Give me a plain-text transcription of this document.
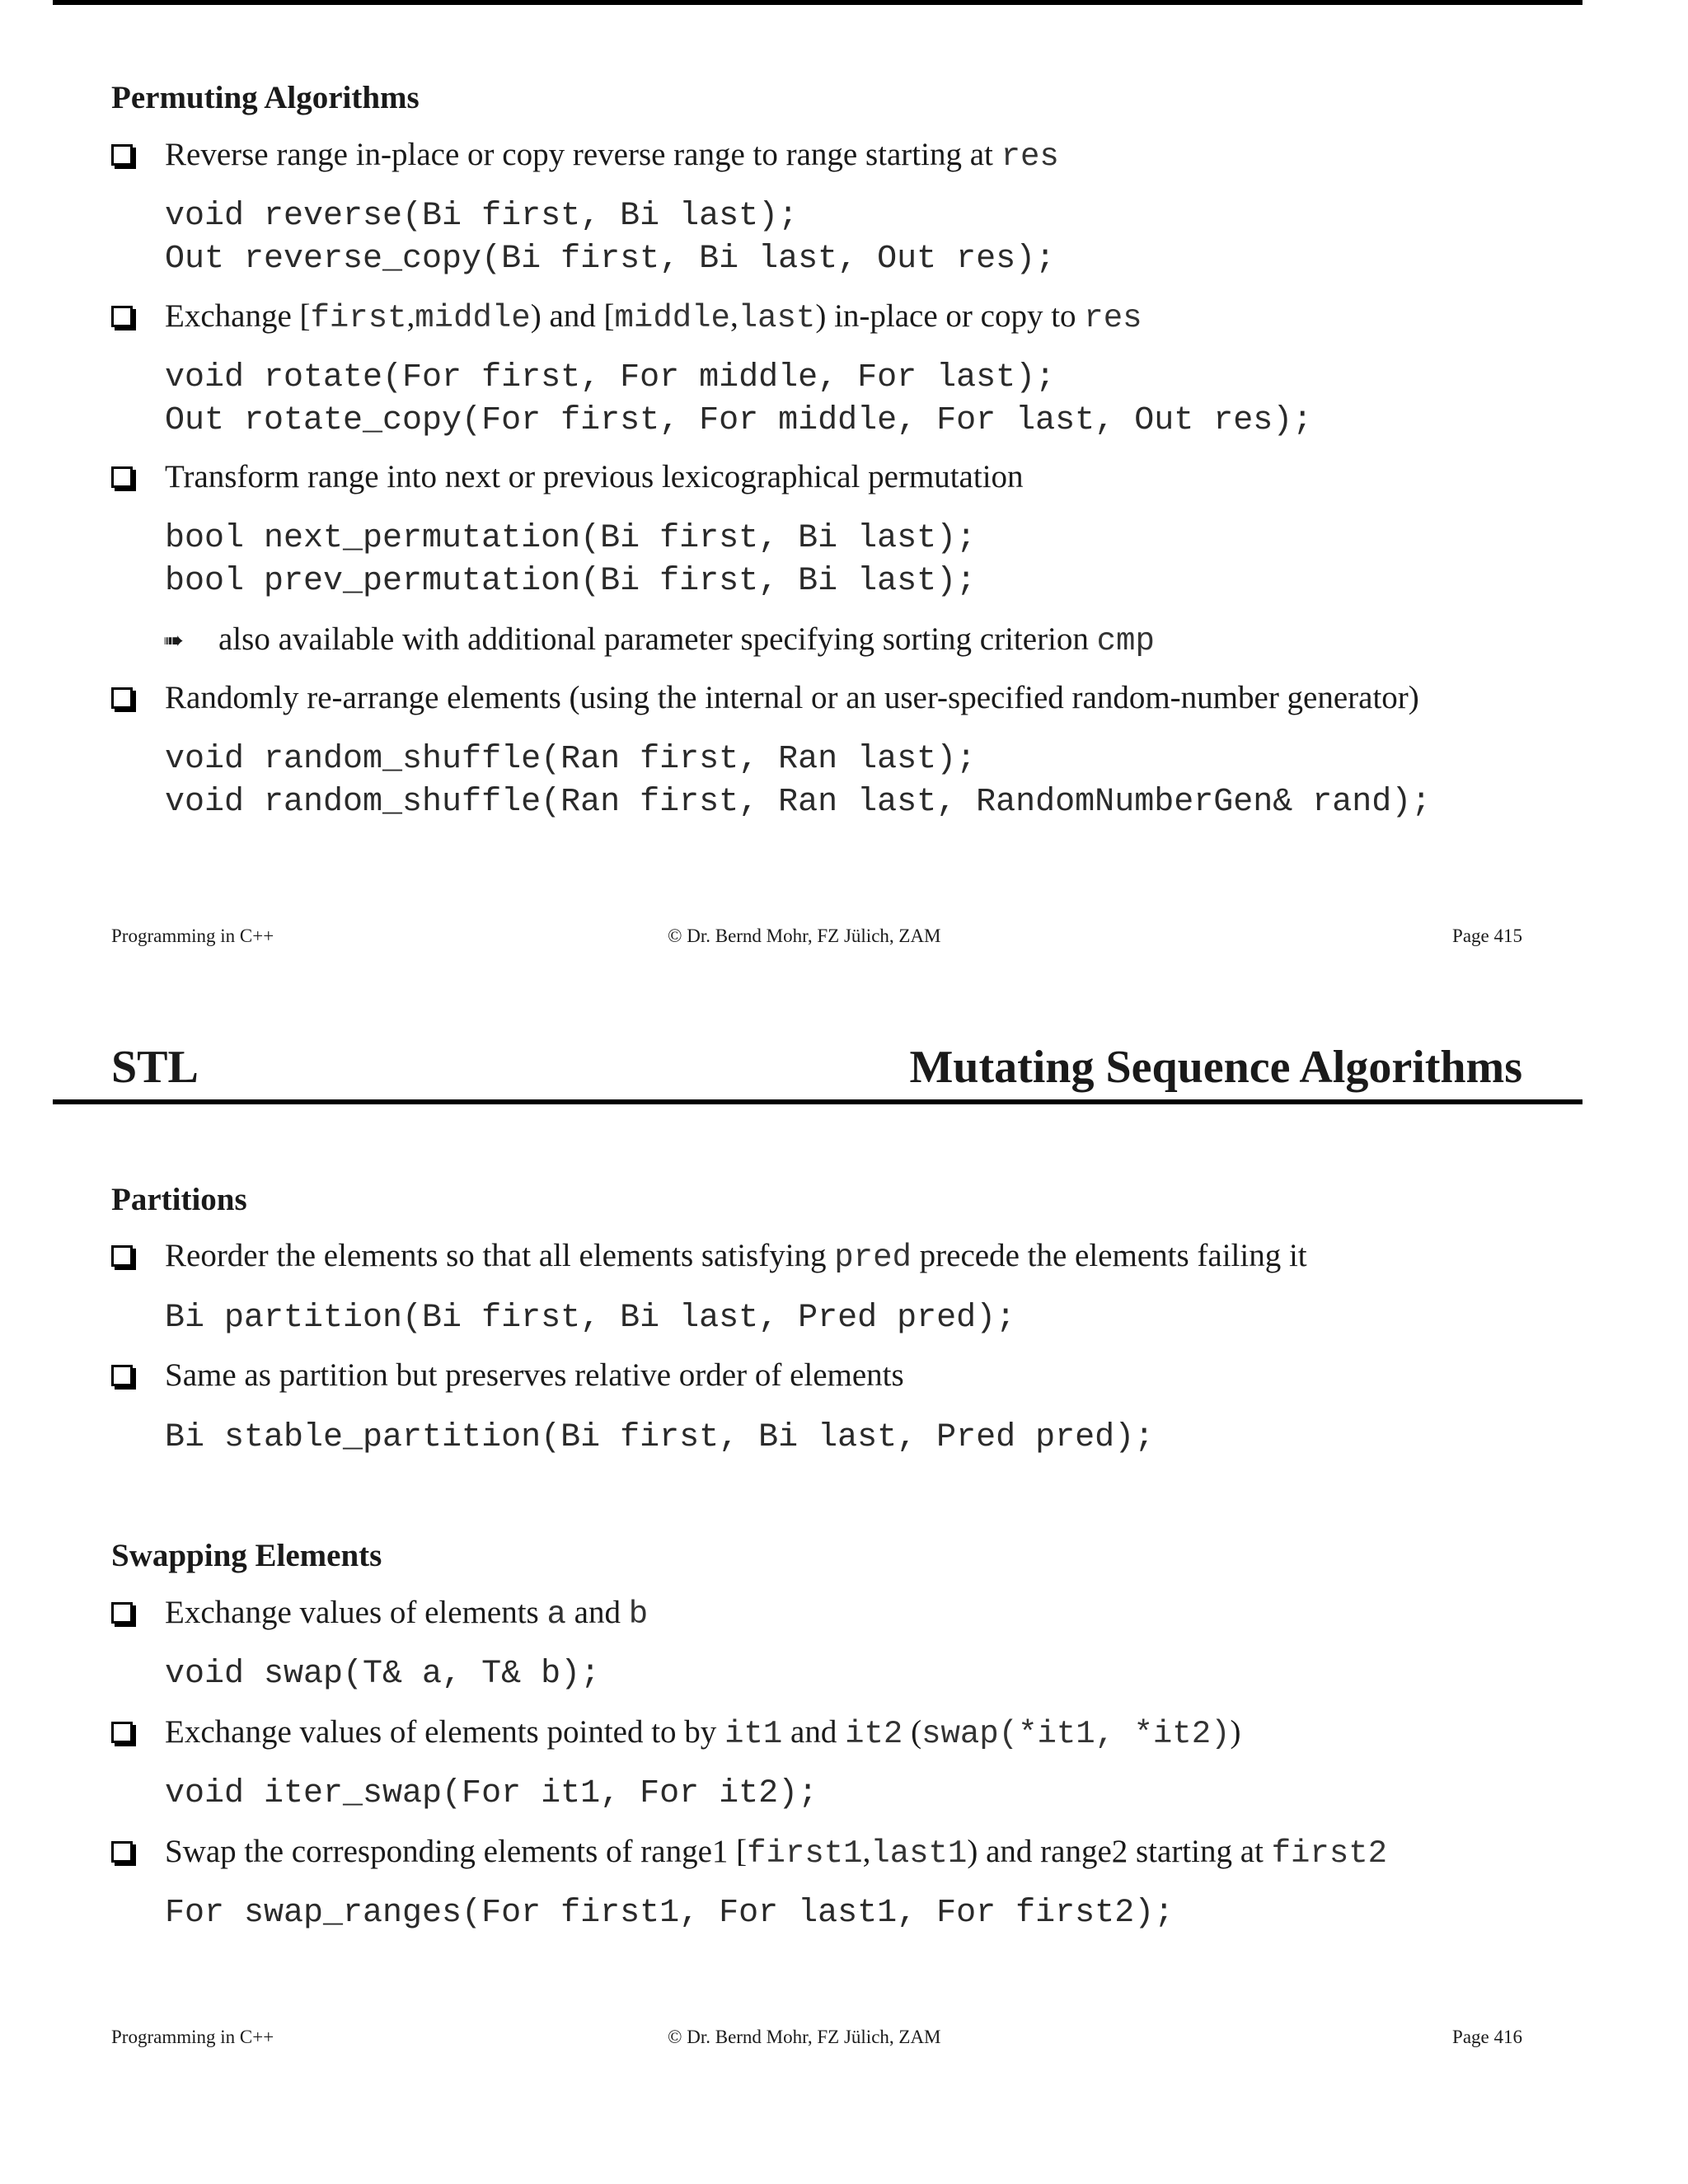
Permuting Algorithms
Reverse range in-place or copy reverse range to range starting at res
void reverse(Bi first, Bi last);
Out reverse_copy(Bi first, Bi last, Out res);
Exchange [first,middle) and [middle,last) in-place or copy to res
void rotate(For first, For middle, For last);
Out rotate_copy(For first, For middle, For last, Out res);
Transform range into next or previous lexicographical permutation
bool next_permutation(Bi first, Bi last);
bool prev_permutation(Bi first, Bi last);
➠ also available with additional parameter specifying sorting criterion cmp
Randomly re-arrange elements (using the internal or an user-specified random-number generator)
void random_shuffle(Ran first, Ran last);
void random_shuffle(Ran first, Ran last, RandomNumberGen& rand);
Programming in C++	© Dr. Bernd Mohr, FZ Jülich, ZAM	Page 415
STL	Mutating Sequence Algorithms
Partitions
Reorder the elements so that all elements satisfying pred precede the elements failing it
Bi partition(Bi first, Bi last, Pred pred);
Same as partition but preserves relative order of elements
Bi stable_partition(Bi first, Bi last, Pred pred);
Swapping Elements
Exchange values of elements a and b
void swap(T& a, T& b);
Exchange values of elements pointed to by it1 and it2 (swap(*it1, *it2))
void iter_swap(For it1, For it2);
Swap the corresponding elements of range1 [first1,last1) and range2 starting at first2
For swap_ranges(For first1, For last1, For first2);
Programming in C++	© Dr. Bernd Mohr, FZ Jülich, ZAM	Page 416
